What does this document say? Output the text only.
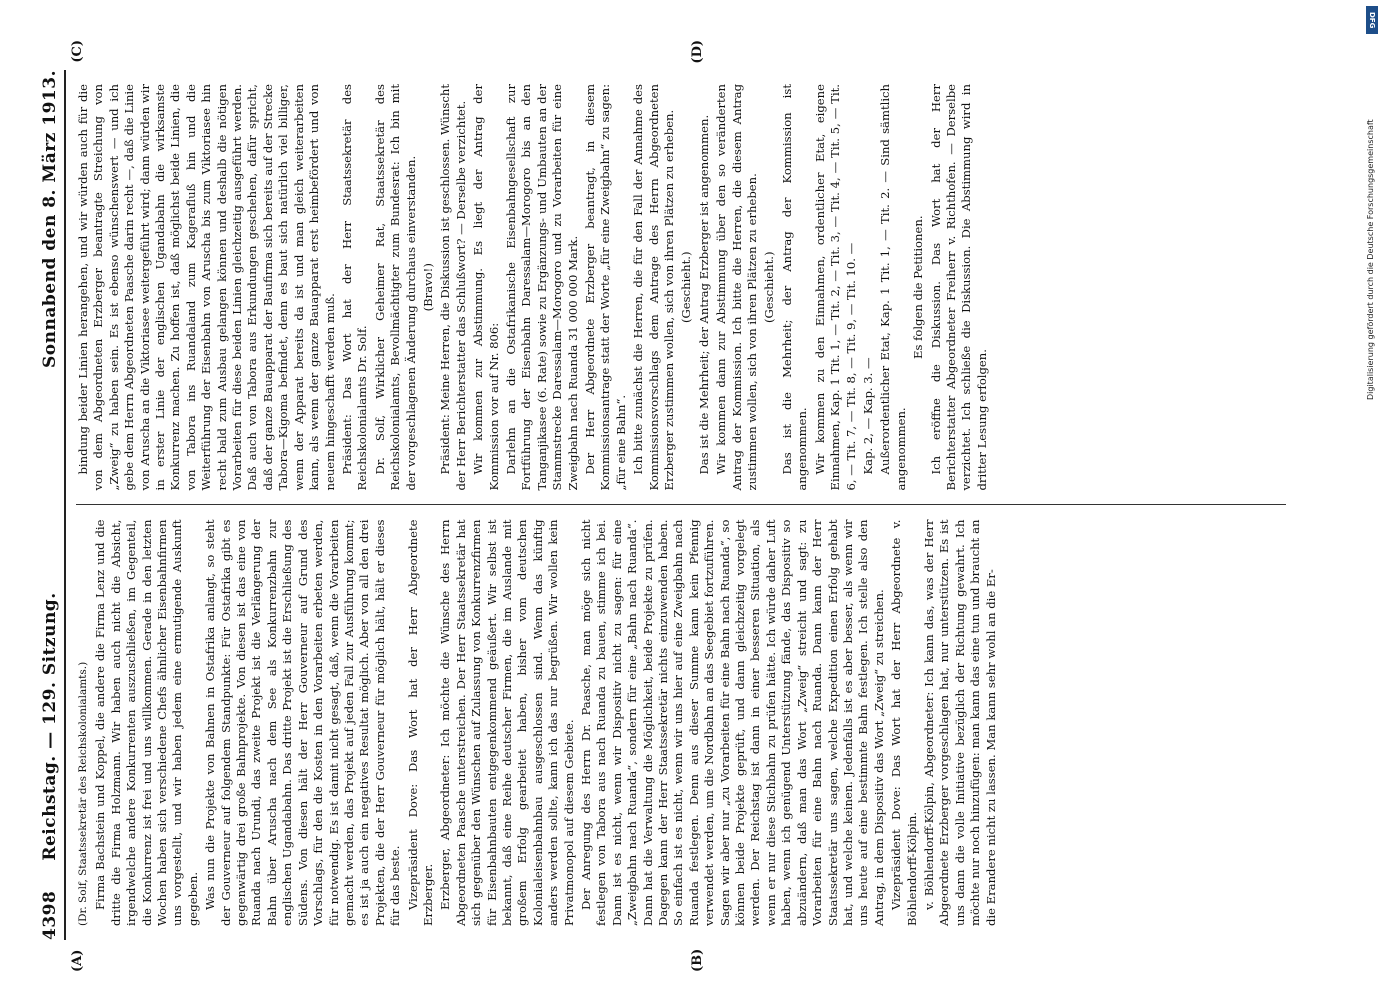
4398
Reichstag. — 129. Sitzung.
Sonnabend den 8. März 1913.

(Dr. Solf, Staatssekretär des Reichskolonialamts.) Firma Bachstein und Koppel, die andere die Firma Lenz und die dritte die Firma Holzmann. Wir haben auch nicht die Absicht, irgendwelche andere Konkurrenten auszuschließen, im Gegenteil, die Konkurrenz ist frei und uns willkommen. Gerade in den letzten Wochen haben sich verschiedene Chefs ähnlicher Eisenbahnfirmen uns vorgestellt, und wir haben jedem eine ermutigende Auskunft gegeben. Was nun die Projekte von Bahnen in Ostafrika anlangt, so steht der Gouverneur auf folgendem Standpunkte: Für Ostafrika gibt es gegenwärtig drei große Bahnprojekte. Von diesen ist das eine von Ruanda nach Urundi, das zweite Projekt ist die Verlängerung der Bahn über Aruscha nach dem See als Konkurrenzbahn zur englischen Ugandabahn. Das dritte Projekt ist die Erschließung des Südens. Von diesen hält der Herr Gouverneur auf Grund des Vorschlags, für den die Kosten in den Vorarbeiten erbeten werden, für notwendig. Es ist damit nicht gesagt, daß, wenn die Vorarbeiten gemacht werden, das Projekt auf jeden Fall zur Ausführung kommt; es ist ja auch ein negatives Resultat möglich. Aber von all den drei Projekten, die der Herr Gouverneur für möglich hält, hält er dieses für das beste. Vizepräsident Dove: Das Wort hat der Herr Abgeordnete Erzberger. Erzberger, Abgeordneter: Ich möchte die Wünsche des Herrn Abgeordneten Paasche unterstreichen. Der Herr Staatssekretär hat sich gegenüber den Wünschen auf Zulassung von Konkurrenzfirmen für Eisenbahnbauten entgegenkommend geäußert. Wir selbst ist bekannt, daß eine Reihe deutscher Firmen, die im Auslande mit großem Erfolg gearbeitet haben, bisher vom deutschen Kolonialeisenbahnbau ausgeschlossen sind. Wenn das künftig anders werden sollte, kann ich das nur begrüßen. Wir wollen kein Privatmonopol auf diesem Gebiete. Der Anregung des Herrn Dr. Paasche, man möge sich nicht festlegen von Tabora aus nach Ruanda zu bauen, stimme ich bei. Dann ist es nicht, wenn wir Dispositiv nicht zu sagen: für eine „Zweigbahn nach Ruanda“, sondern für eine „Bahn nach Ruanda“. Dann hat die Verwaltung die Möglichkeit, beide Projekte zu prüfen. Dagegen kann der Herr Staatssekretär nichts einzuwenden haben. So einfach ist es nicht, wenn wir uns hier auf eine Zweigbahn nach Ruanda festlegen. Denn aus dieser Summe kann kein Pfennig verwendet werden, um die Nordbahn an das Seegebiet fortzuführen. Sagen wir aber nur „zu Vorarbeiten für eine Bahn nach Ruanda“, so können beide Projekte geprüft, und dann gleichzeitig vorgelegt werden. Der Reichstag ist dann in einer besseren Situation, als wenn er nur diese Stichbahn zu prüfen hätte. Ich würde daher Luft haben, wenn ich genügend Unterstützung fände, das Dispositiv so abzuändern, daß man das Wort „Zweig“ streicht und sagt: zu Vorarbeiten für eine Bahn nach Ruanda. Dann kann der Herr Staatssekretär uns sagen, welche Expedition einen Erfolg gehabt hat, und welche keinen. Jedenfalls ist es aber besser, als wenn wir uns heute auf eine bestimmte Bahn festlegen. Ich stelle also den Antrag, in dem Dispositiv das Wort „Zweig“ zu streichen. Vizepräsident Dove: Das Wort hat der Herr Abgeordnete v. Böhlendorff-Kölpin. v. Böhlendorff-Kölpin, Abgeordneter: Ich kann das, was der Herr Abgeordnete Erzberger vorgeschlagen hat, nur unterstützen. Es ist uns dann die volle Initiative bezüglich der Richtung gewahrt. Ich möchte nur noch hinzufügen: man kann das eine tun und braucht an die Erandere nicht zu lassen. Man kann sehr wohl an die Er-

bindung beider Linien herangehen, und wir würden auch für die von dem Abgeordneten Erzberger beantragte Streichung von „Zweig“ zu haben sein. Es ist ebenso wünschenswert — und ich gebe dem Herrn Abgeordneten Paasche darin recht —, daß die Linie von Aruscha an die Viktoriasee weitergeführt wird; dann würden wir in erster Linie der englischen Ugandabahn die wirksamste Konkurrenz machen. Zu hoffen ist, daß möglichst beide Linien, die von Tabora ins Ruandaland zum Kagerafluß hin und die Weiterführung der Eisenbahn von Aruscha bis zum Viktoriasee hin recht bald zum Ausbau gelangen können und deshalb die nötigen Vorarbeiten für diese beiden Linien gleichzeitig ausgeführt werden. Daß auch von Tabora aus Erkundungen geschehen, dafür spricht, daß der ganze Bauapparat der Baufirma sich bereits auf der Strecke Tabora—Kigoma befindet, denn es baut sich natürlich viel billiger, wenn der Apparat bereits da ist und man gleich weiterarbeiten kann, als wenn der ganze Bauapparat erst heimbefördert und von neuem hingeschafft werden muß. Präsident: Das Wort hat der Herr Staatssekretär des Reichskolonialamts Dr. Solf. Dr. Solf, Wirklicher Geheimer Rat, Staatssekretär des Reichskolonialamts, Bevollmächtigter zum Bundesrat: Ich bin mit der vorgeschlagenen Änderung durchaus einverstanden. (Bravo!) Präsident: Meine Herren, die Diskussion ist geschlossen. Wünscht der Herr Berichterstatter das Schlußwort? — Derselbe verzichtet. Wir kommen zur Abstimmung. Es liegt der Antrag der Kommission vor auf Nr. 806: Darlehn an die Ostafrikanische Eisenbahngesellschaft zur Fortführung der Eisenbahn Daressalam—Morogoro bis an den Tanganjikasee (6. Rate) sowie zu Ergänzungs- und Umbauten an der Stammstrecke Daressalam—Morogoro und zu Vorarbeiten für eine Zweigbahn nach Ruanda 31 000 000 Mark. Der Herr Abgeordnete Erzberger beantragt, in diesem Kommissionsantrage statt der Worte „für eine Zweigbahn“ zu sagen: „für eine Bahn“. Ich bitte zunächst die Herren, die für den Fall der Annahme des Kommissionsvorschlags dem Antrage des Herrn Abgeordneten Erzberger zustimmen wollen, sich von ihren Plätzen zu erheben. (Geschieht.) Das ist die Mehrheit; der Antrag Erzberger ist angenommen. Wir kommen dann zur Abstimmung über den so veränderten Antrag der Kommission. Ich bitte die Herren, die diesem Antrag zustimmen wollen, sich von ihren Plätzen zu erheben. (Geschieht.) Das ist die Mehrheit; der Antrag der Kommission ist angenommen. Wir kommen zu den Einnahmen, ordentlicher Etat, eigene Einnahmen, Kap. 1 Tit. 1, — Tit. 2, — Tit. 3, — Tit. 4, — Tit. 5, — Tit. 6, — Tit. 7, — Tit. 8, — Tit. 9, — Tit. 10. — Kap. 2, — Kap. 3. — Außerordentlicher Etat, Kap. 1 Tit. 1, — Tit. 2. — Sind sämtlich angenommen.

Es folgen die Petitionen. Ich eröffne die Diskussion. Das Wort hat der Herr Berichterstatter Abgeordneter Freiherr v. Richthofen. — Derselbe verzichtet. Ich schließe die Diskussion. Die Abstimmung wird in dritter Lesung erfolgen.

(A)	(B)
(C)	(D)
DFG
Digitalisierung gefördert durch die Deutsche Forschungsgemeinschaft
